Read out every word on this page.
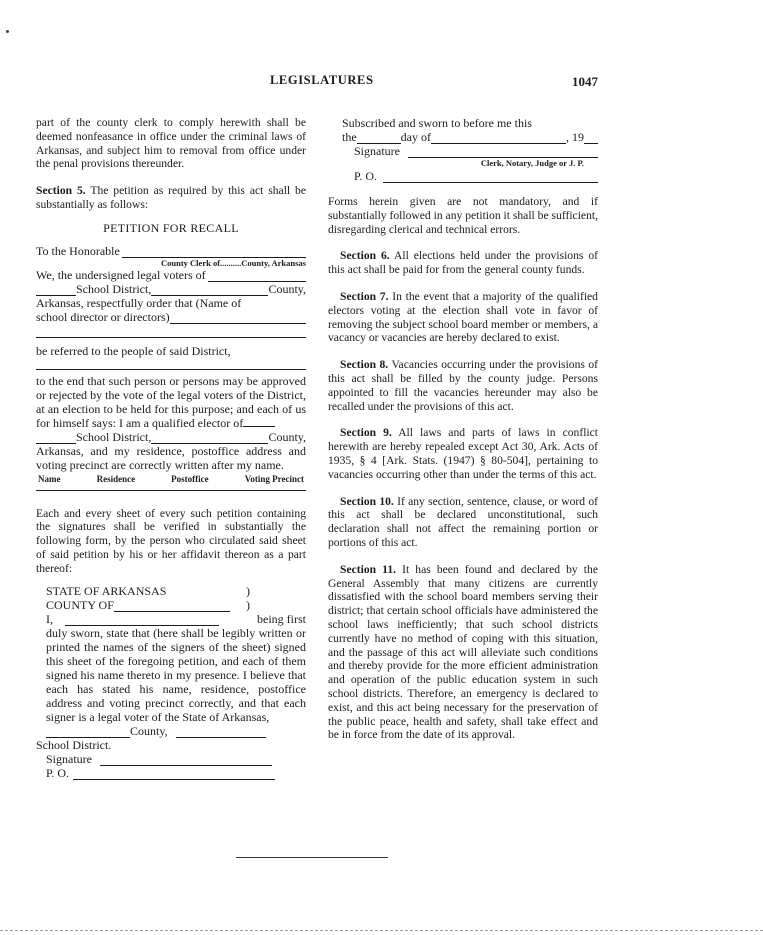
LEGISLATURES	1047

part of the county clerk to comply herewith shall be deemed nonfeasance in office under the criminal laws of Arkansas, and subject him to removal from office under the penal provisions thereunder.

Section 5. The petition as required by this act shall be substantially as follows:

PETITION FOR RECALL
To the Honorable
County Clerk of..........County, Arkansas
We, the undersigned legal voters of
School District,	County,

Arkansas, respectfully order that (Name of

school director or directors)

be referred to the people of said District,

to the end that such person or persons may be approved or rejected by the vote of the legal voters of the District, at an election to be held for this purpose; and each of us for himself says: I am a qualified elector of

School District,	County,

Arkansas, and my residence, postoffice address and voting precinct are correctly written after my name.

Name	Residence	Postoffice	Voting Precinct

Each and every sheet of every such petition containing the signatures shall be verified in substantially the following form, by the person who circulated said sheet of said petition by his or her affidavit thereon as a part thereof:

STATE OF ARKANSAS	)
COUNTY OF	)
I,	being first

duly sworn, state that (here shall be legibly written or printed the names of the signers of the sheet) signed this sheet of the foregoing petition, and each of them signed his name thereto in my presence. I believe that each has stated his name, residence, postoffice address and voting precinct correctly, and that each signer is a legal voter of the State of Arkansas,

County,
School District.
Signature
P. O.

Subscribed and sworn to before me this

the	day of	, 19
Signature
Clerk, Notary, Judge or J. P.
P. O.

Forms herein given are not mandatory, and if substantially followed in any petition it shall be sufficient, disregarding clerical and technical errors.

Section 6. All elections held under the provisions of this act shall be paid for from the general county funds.

Section 7. In the event that a majority of the qualified electors voting at the election shall vote in favor of removing the subject school board member or members, a vacancy or vacancies are hereby declared to exist.

Section 8. Vacancies occurring under the provisions of this act shall be filled by the county judge. Persons appointed to fill the vacancies hereunder may also be recalled under the provisions of this act.

Section 9. All laws and parts of laws in conflict herewith are hereby repealed except Act 30, Ark. Acts of 1935, § 4 [Ark. Stats. (1947) § 80-504], pertaining to vacancies occurring other than under the terms of this act.

Section 10. If any section, sentence, clause, or word of this act shall be declared unconstitutional, such declaration shall not affect the remaining portion or portions of this act.

Section 11. It has been found and declared by the General Assembly that many citizens are currently dissatisfied with the school board members serving their district; that certain school officials have administered the school laws inefficiently; that such school districts currently have no method of coping with this situation, and the passage of this act will alleviate such conditions and thereby provide for the more efficient administration and operation of the public education system in such school districts. Therefore, an emergency is declared to exist, and this act being necessary for the preservation of the public peace, health and safety, shall take effect and be in force from the date of its approval.
